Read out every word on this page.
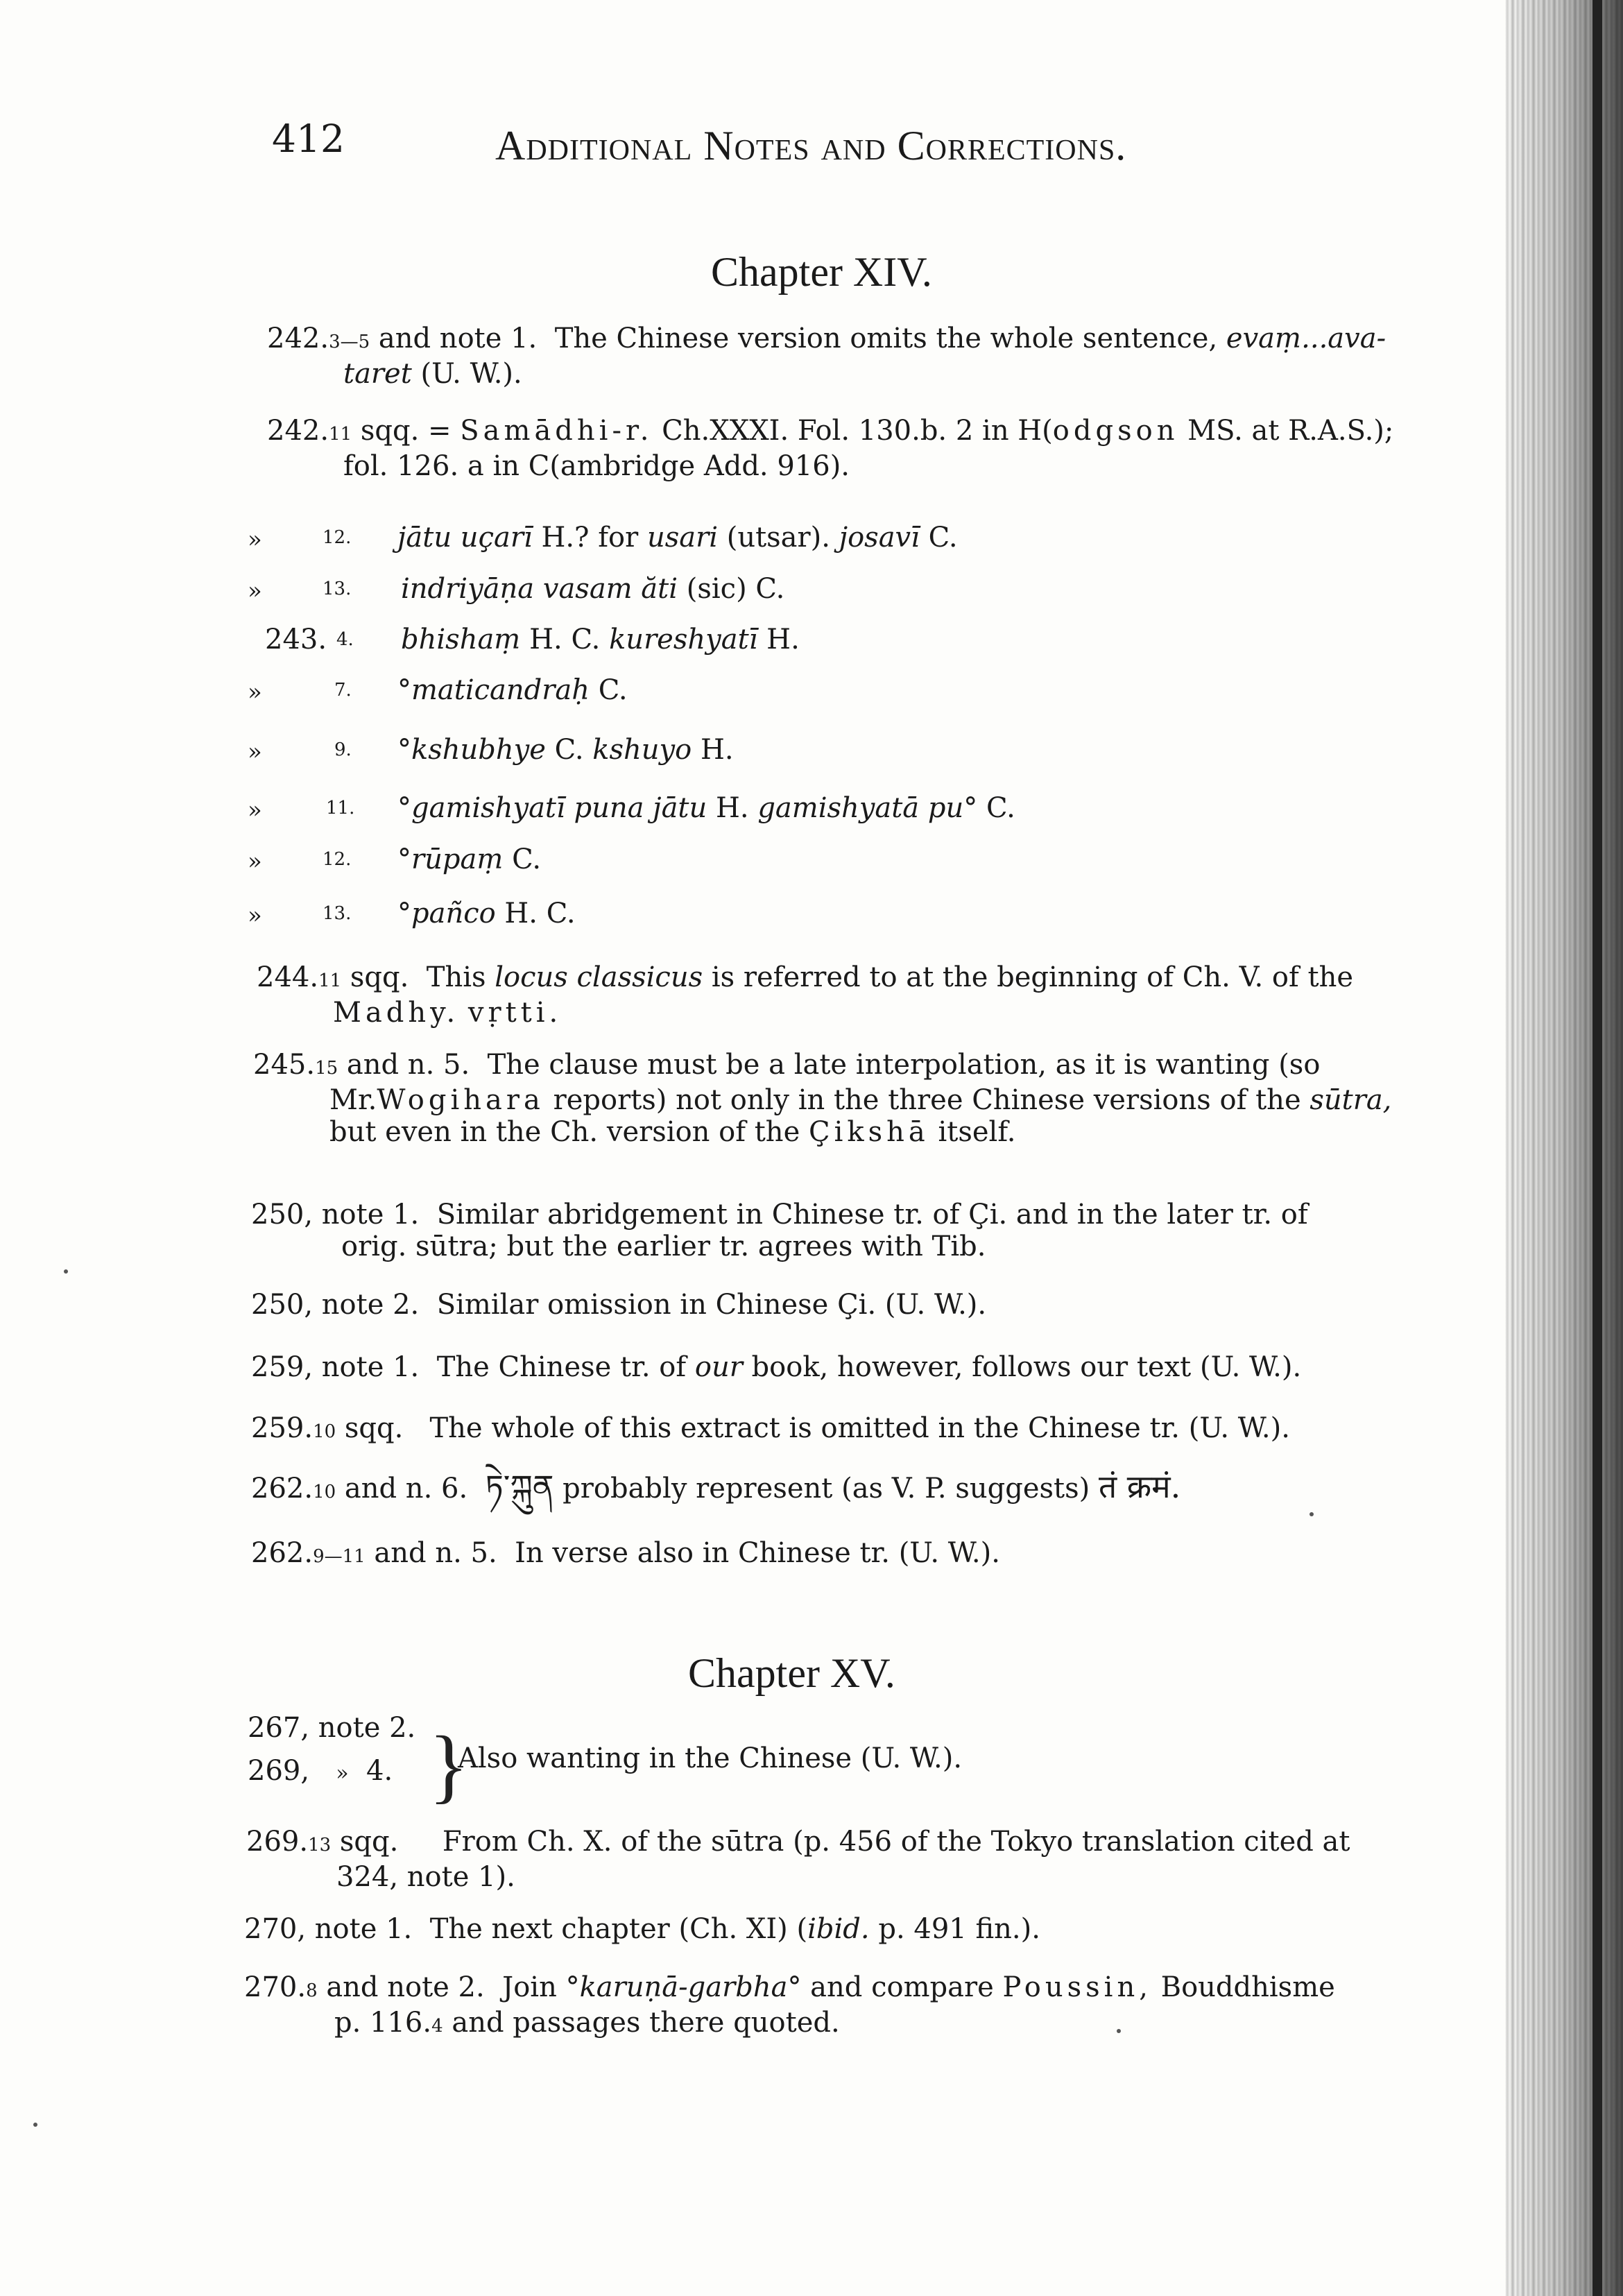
412	Additional Notes and Corrections.
Chapter XIV.
242.3—5 and note 1. The Chinese version omits the whole sentence, evaṃ...ava-
taret (U. W.).
242.11 sqq. = Samādhi-r. Ch.XXXI. Fol. 130.b. 2 in H(odgson MS. at R.A.S.);
fol. 126. a in C(ambridge Add. 916).
»	12. jātu uçarī H.? for usari (utsar). josavī C.
»	13. indriyāṇa vasam ăti (sic) C.
243. 4. bhishaṃ H. C. kureshyatī H.
»	7. °maticandraḥ C.
»	9. °kshubhye C. kshuyo H.
»	11. °gamishyatī puna jātu H. gamishyatā pu° C.
»	12. °rūpaṃ C.
»	13. °pañco H. C.
244.11 sqq. This locus classicus is referred to at the beginning of Ch. V. of the
Madhy. vṛtti.
245.15 and n. 5. The clause must be a late interpolation, as it is wanting (so
Mr.Wogihara reports) not only in the three Chinese versions of the sūtra,
but even in the Ch. version of the Çikshā itself.
250, note 1. Similar abridgement in Chinese tr. of Çi. and in the later tr. of
orig. sūtra; but the earlier tr. agrees with Tib.
250, note 2. Similar omission in Chinese Çi. (U. W.).
259, note 1. The Chinese tr. of our book, however, follows our text (U. W.).
259.10 sqq. The whole of this extract is omitted in the Chinese tr. (U. W.).
262.10 and n. 6. ཏེ་ཀྐུན probably represent (as V. P. suggests) तं क्रमं.
262.9—11 and n. 5. In verse also in Chinese tr. (U. W.).
Chapter XV.
267, note 2.
269, » 4. }
Also wanting in the Chinese (U. W.).
269.13 sqq. From Ch. X. of the sūtra (p. 456 of the Tokyo translation cited at
324, note 1).
270, note 1. The next chapter (Ch. XI) (ibid. p. 491 fin.).
270.8 and note 2. Join °karuṇā-garbha° and compare Poussin, Bouddhisme
p. 116.4 and passages there quoted.
